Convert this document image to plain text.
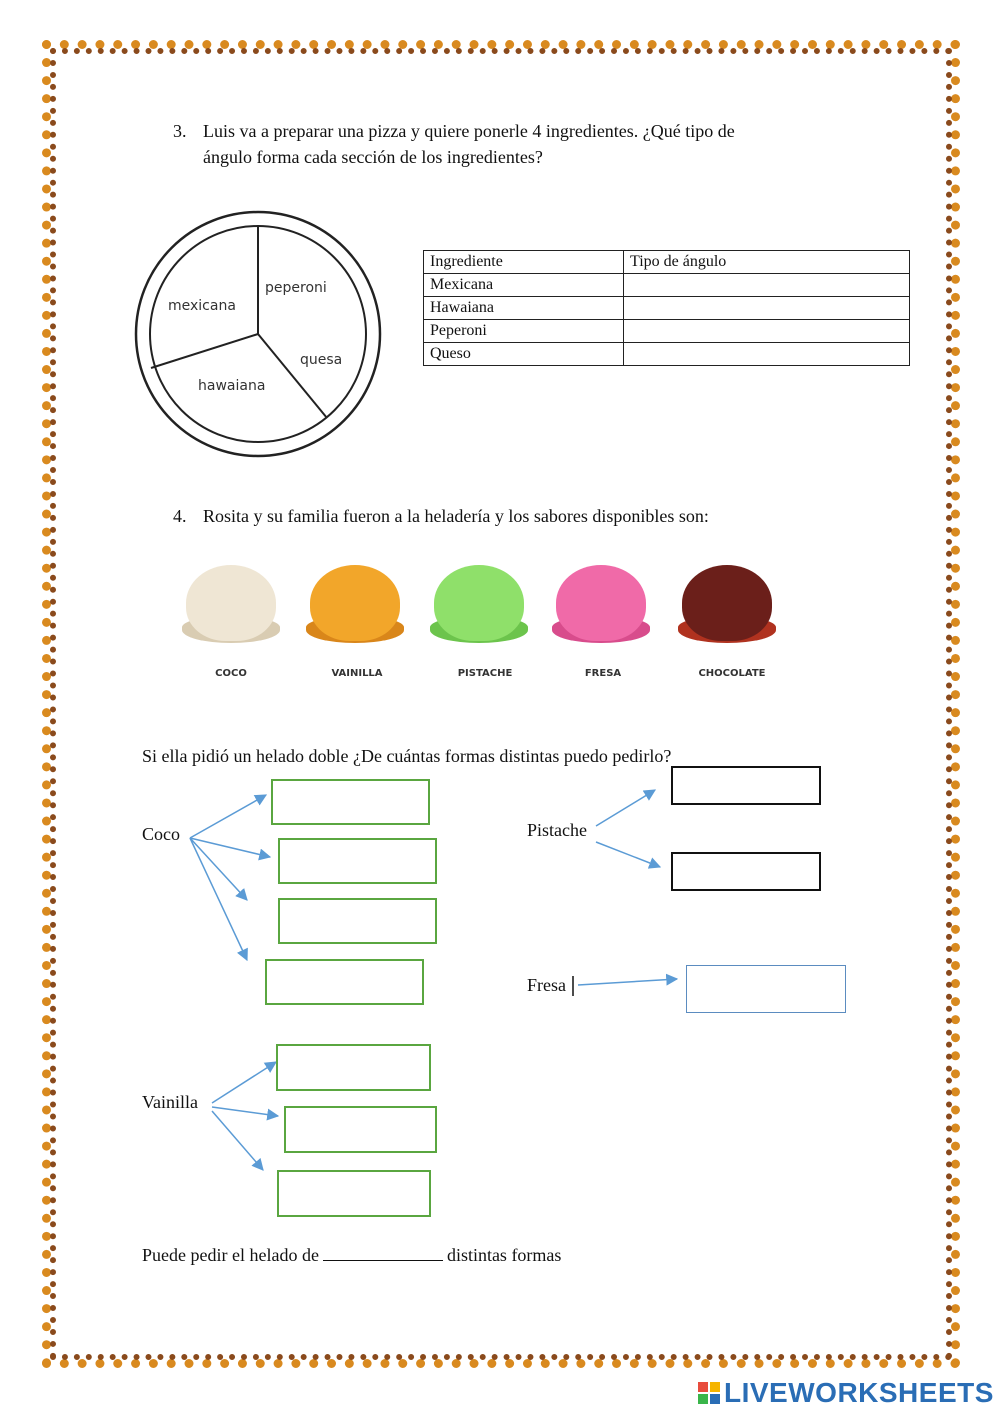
3. Luis va a preparar una pizza y quiere ponerle 4 ingredientes. ¿Qué tipo de
ángulo forma cada sección de los ingredientes?
mexicana
peperoni
quesa
hawaiana
Ingrediente	Tipo de ángulo
Mexicana	
Hawaiana	
Peperoni	
Queso	
4. Rosita y su familia fueron a la heladería y los sabores disponibles son:
COCO	VAINILLA	PISTACHE	FRESA	CHOCOLATE
Si ella pidió un helado doble ¿De cuántas formas distintas puedo pedirlo?
Coco	Pistache
Fresa
Vainilla
Puede pedir el helado de	distintas formas
LIVEWORKSHEETS
